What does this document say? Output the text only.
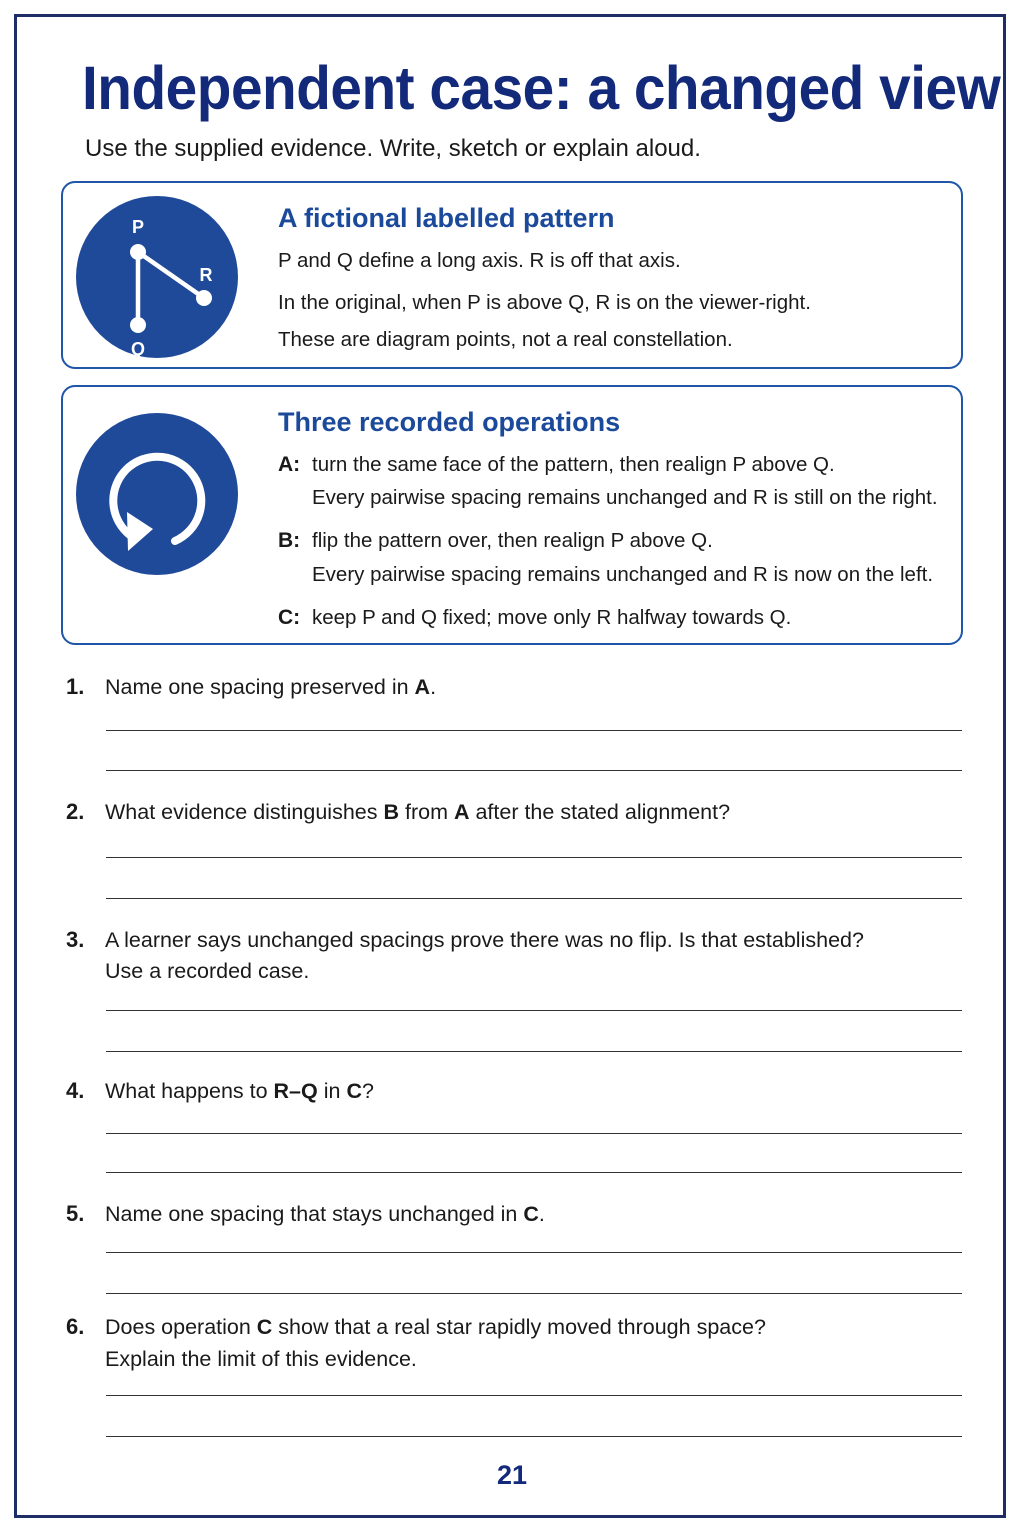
Independent case: a changed view
Use the supplied evidence. Write, sketch or explain aloud.
P
R
Q
A fictional labelled pattern
P and Q define a long axis. R is off that axis.
In the original, when P is above Q, R is on the viewer-right.
These are diagram points, not a real constellation.
Three recorded operations
A: turn the same face of the pattern, then realign P above Q.
Every pairwise spacing remains unchanged and R is still on the right.
B: flip the pattern over, then realign P above Q.
Every pairwise spacing remains unchanged and R is now on the left.
C: keep P and Q fixed; move only R halfway towards Q.
1. Name one spacing preserved in A.
2. What evidence distinguishes B from A after the stated alignment?
3. A learner says unchanged spacings prove there was no flip. Is that established?
Use a recorded case.
4. What happens to R–Q in C?
5. Name one spacing that stays unchanged in C.
6. Does operation C show that a real star rapidly moved through space?
Explain the limit of this evidence.
21
